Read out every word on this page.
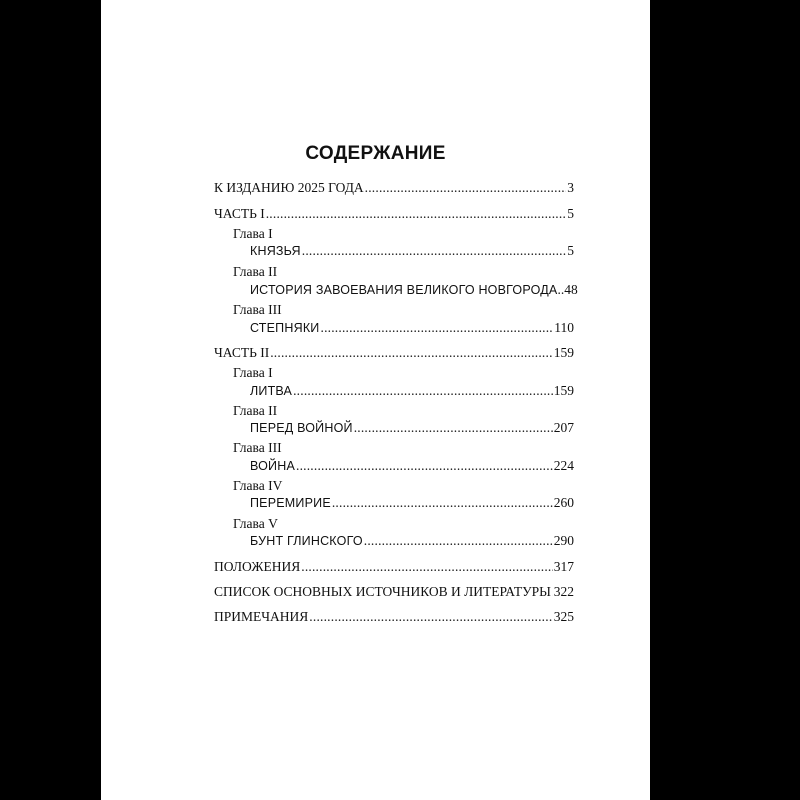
СОДЕРЖАНИЕ
К ИЗДАНИЮ 2025 ГОДА .....	3
ЧАСТЬ I .....	5
Глава I
КНЯЗЬЯ .....	5
Глава II
ИСТОРИЯ ЗАВОЕВАНИЯ ВЕЛИКОГО НОВГОРОДА ..48
Глава III
СТЕПНЯКИ .....	110
ЧАСТЬ II .....	159
Глава I
ЛИТВА .....	159
Глава II
ПЕРЕД ВОЙНОЙ .....	207
Глава III
ВОЙНА .....	224
Глава IV
ПЕРЕМИРИЕ .....	260
Глава V
БУНТ ГЛИНСКОГО .....	290
ПОЛОЖЕНИЯ .....	317
СПИСОК ОСНОВНЫХ ИСТОЧНИКОВ И ЛИТЕРАТУРЫ ..... 322
ПРИМЕЧАНИЯ .....	325
